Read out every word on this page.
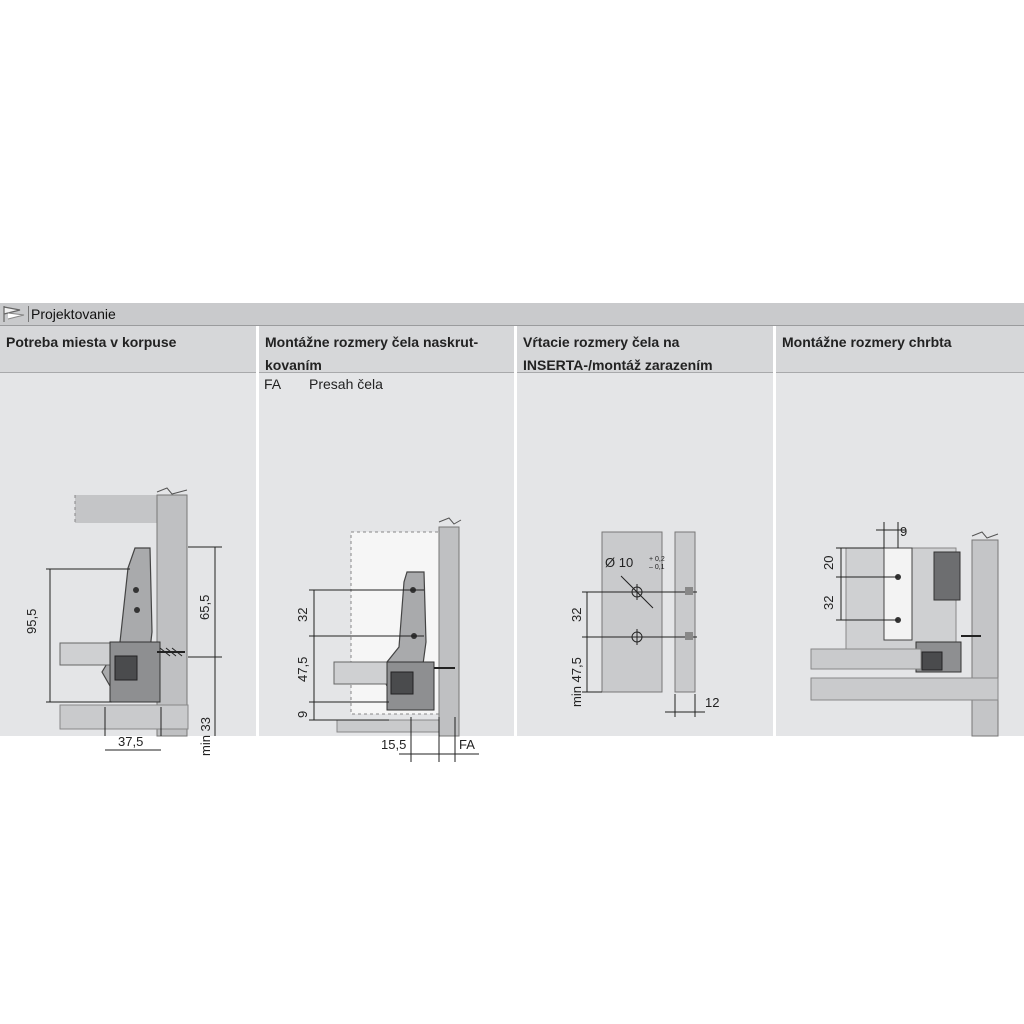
Projektovanie
Potreba miesta v korpuse
95,5
65,5
min 33
37,5
Montážne rozmery čela naskrut-
kovaním
FA Presah čela
32
47,5
9
15,5	FA
Vŕtacie rozmery čela na
INSERTA-/montáž zarazením
Ø 10 + 0,2
– 0,1
32
min 47,5	12
Montážne rozmery chrbta
9
20
32
